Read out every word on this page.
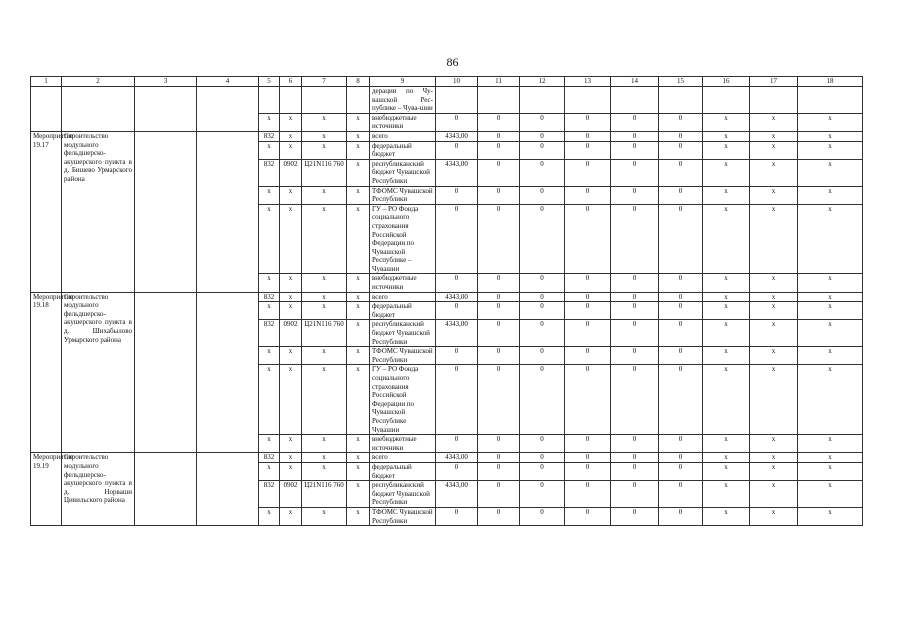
86
1	2	3	4	5	6	7	8	9	10	11	12	13	14	15	16	17	18
								дерации по Чу-вашской Рес-публике – Чува-шии									
				x	x	x	x	внебюджетные источники	0	0	0	0	0	0	x	x	x
Мероприятие 19.17	Строительство модульного фельдшерско-акушерского пункта в д. Бишево Урмарского района			832	x	x	x	всего	4343,00	0	0	0	0	0	x	x	x
				x	x	x	x	федеральный бюджет	0	0	0	0	0	0	x	x	x
				832	0902	Ц21N116 760	x	республиканский бюджет Чувашской Республики	4343,00	0	0	0	0	0	x	x	x
				x	x	x	x	ТФОМС Чувашской Республики	0	0	0	0	0	0	x	x	x
				x	x	x	x	ГУ – РО Фонда социального страхования Российской Федерации по Чувашской Республике – Чувашии	0	0	0	0	0	0	x	x	x
				x	x	x	x	внебюджетные источники	0	0	0	0	0	0	x	x	x
Мероприятие 19.18	Строительство модульного фельдшерско-акушерского пункта в д. Шихабылово Урмарского района			832	x	x	x	всего	4343,00	0	0	0	0	0	x	x	x
				x	x	x	x	федеральный бюджет	0	0	0	0	0	0	x	x	x
				832	0902	Ц21N116 760	x	республиканский бюджет Чувашской Республики	4343,00	0	0	0	0	0	x	x	x
				x	x	x	x	ТФОМС Чувашской Республики	0	0	0	0	0	0	x	x	x
				x	x	x	x	ГУ – РО Фонда социального страхования Российской Федерации по Чувашской Республике Чувашии	0	0	0	0	0	0	x	x	x
				x	x	x	x	внебюджетные источники	0	0	0	0	0	0	x	x	x
Мероприятие 19.19	Строительство модульного фельдшерско-акушерского пункта в д. Норваши Цивильского района			832	x	x	x	всего	4343,00	0	0	0	0	0	x	x	x
				x	x	x	x	федеральный бюджет	0	0	0	0	0	0	x	x	x
				832	0902	Ц21N116 760	x	республиканский бюджет Чувашской Республики	4343,00	0	0	0	0	0	x	x	x
				x	x	x	x	ТФОМС Чувашской Республики	0	0	0	0	0	0	x	x	x
